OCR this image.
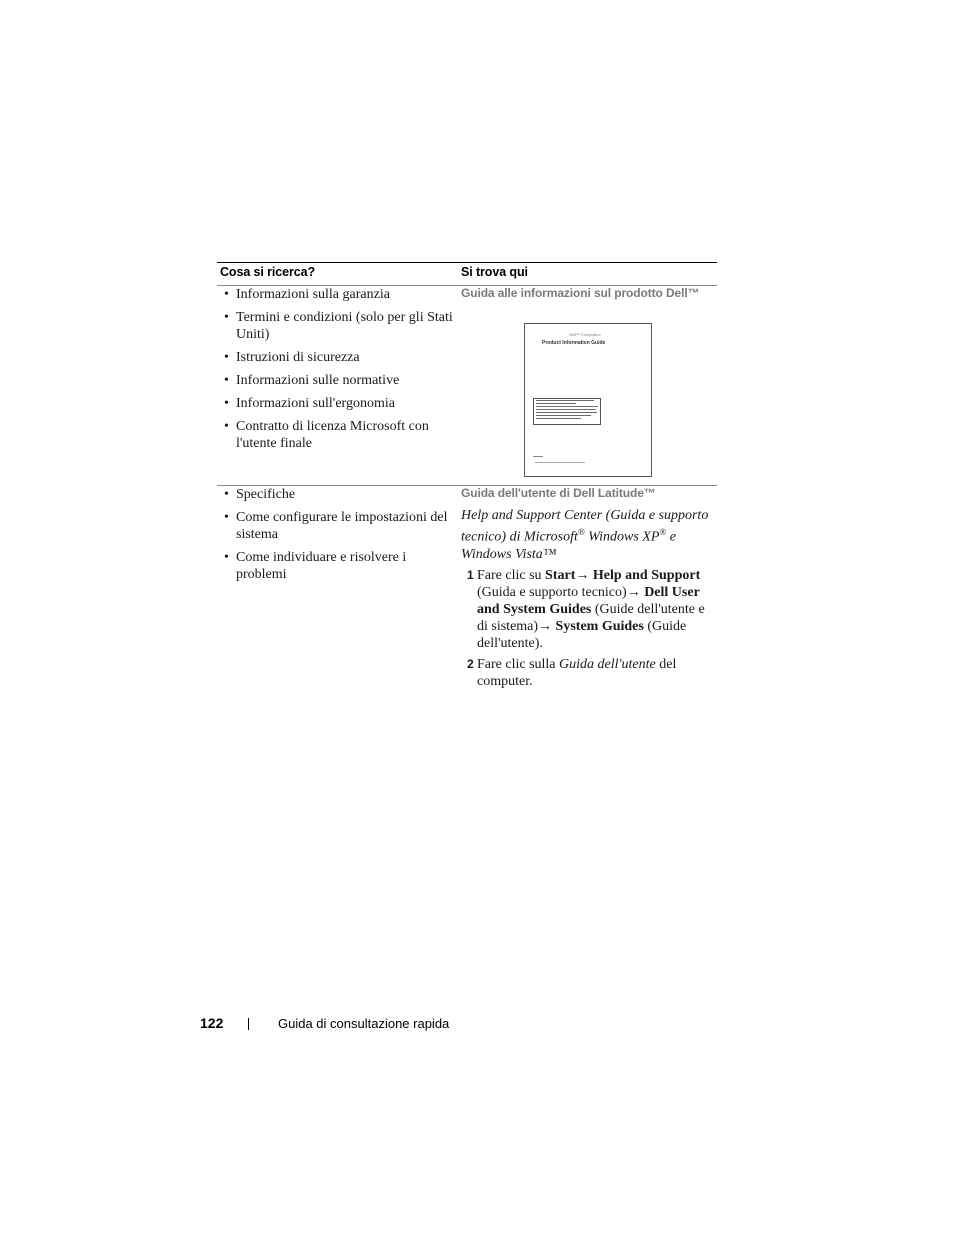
Cosa si ricerca?	Si trova qui
• Informazioni sulla garanzia
• Termini e condizioni (solo per gli Stati Uniti)
• Istruzioni di sicurezza
• Informazioni sulle normative
• Informazioni sull'ergonomia
• Contratto di licenza Microsoft con l'utente finale
Guida alle informazioni sul prodotto Dell™
Dell™ Computers
Product Information Guide
• Specifiche
• Come configurare le impostazioni del sistema
• Come individuare e risolvere i problemi
Guida dell'utente di Dell Latitude™

Help and Support Center (Guida e supporto tecnico) di Microsoft® Windows XP® e Windows Vista™

1 Fare clic su Start→ Help and Support (Guida e supporto tecnico)→ Dell User and System Guides (Guide dell'utente e di sistema)→ System Guides (Guide dell'utente).
2 Fare clic sulla Guida dell'utente del computer.
122	Guida di consultazione rapida
